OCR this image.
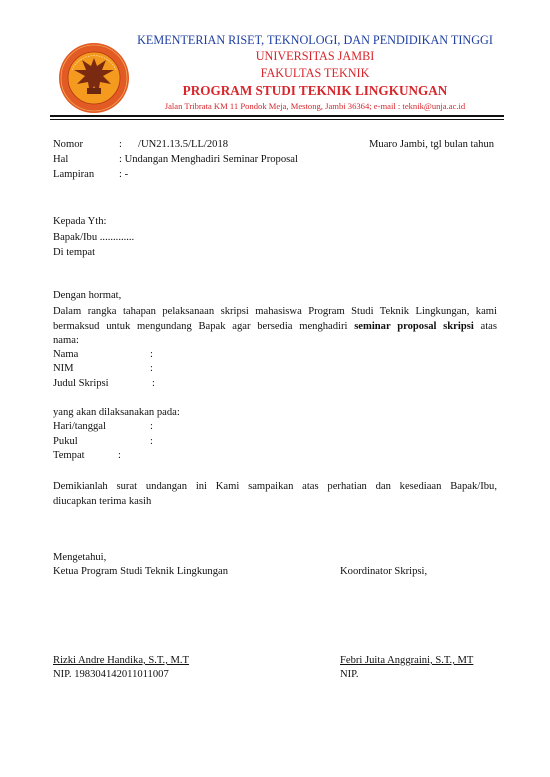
KEMENTERIAN RISET, TEKNOLOGI, DAN PENDIDIKAN TINGGI
UNIVERSITAS JAMBI
FAKULTAS TEKNIK
PROGRAM STUDI TEKNIK LINGKUNGAN
Jalan Tribrata KM 11 Pondok Meja, Mestong, Jambi 36364; e-mail : teknik@unja.ac.id
Nomor	: /UN21.13.5/LL/2018	Muaro Jambi, tgl bulan tahun
Hal	: Undangan Menghadiri Seminar Proposal
Lampiran : -
Kepada Yth:
Bapak/Ibu .............
Di tempat
Dengan hormat,
Dalam rangka tahapan pelaksanaan skripsi mahasiswa Program Studi Teknik Lingkungan, kami
bermaksud untuk mengundang Bapak agar bersedia menghadiri seminar proposal skripsi atas
nama:
Nama	:
NIM	:
Judul Skripsi	:
yang akan dilaksanakan pada:
Hari/tanggal	:
Pukul	:
Tempat	:
Demikianlah surat undangan ini Kami sampaikan atas perhatian dan kesediaan Bapak/Ibu,
diucapkan terima kasih
Mengetahui,
Ketua Program Studi Teknik Lingkungan	Koordinator Skripsi,
Rizki Andre Handika, S.T., M.T	Febri Juita Anggraini, S.T., MT
NIP. 198304142011011007	NIP.
